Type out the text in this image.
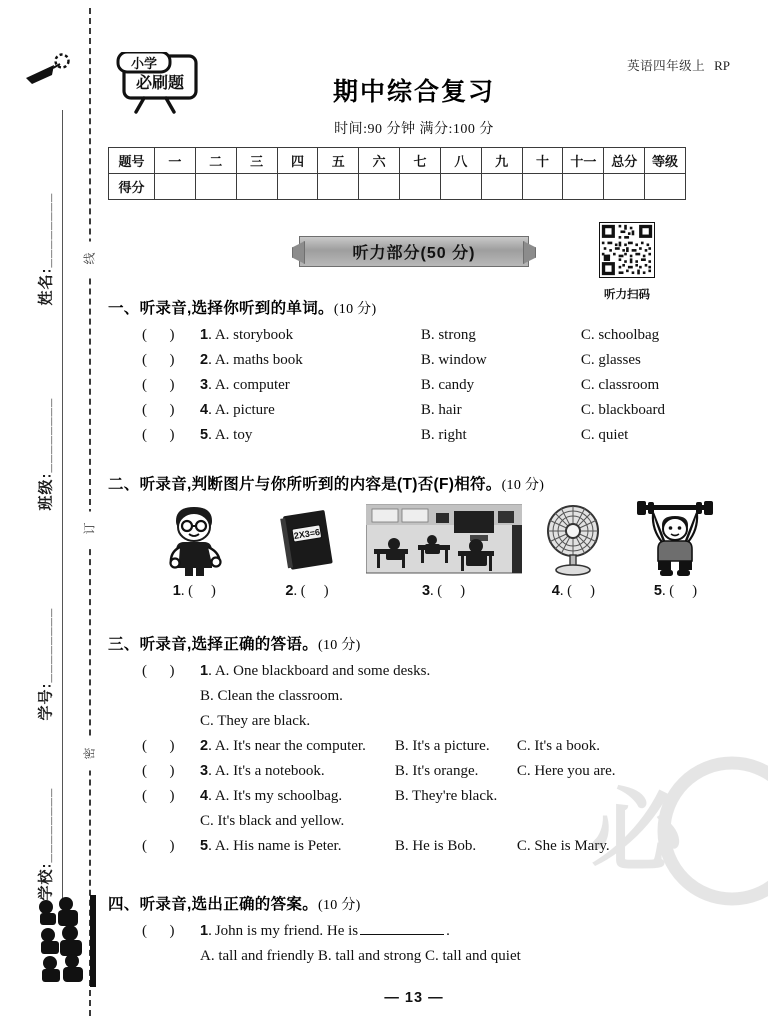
姓名:________ 线
班级:________
订
学号:________
密
学校:________
英语四年级上 RP
小学
必刷题	期中综合复习
时间:90 分钟 满分:100 分
题号	一	二	三	四	五	六	七	八	九	十	十一	总分	等级
得分													
听力部分(50 分)
听力扫码
一、听录音,选择你听到的单词。(10 分)
(      )	1 . A. storybook	B. strong	C. schoolbag
(      )	2 . A. maths book	B. window	C. glasses
(      )	3 . A. computer	B. candy	C. classroom
(      )	4 . A. picture	B. hair	C. blackboard
(      )	5 . A. toy	B. right	C. quiet
二、听录音,判断图片与你所听到的内容是(T)否(F)相符。(10 分)
1. (     )
2X3=6
2. (     )	3. (     )	4. (     )	5. (     )
三、听录音,选择正确的答语。(10 分)
(      )	1 . A. One blackboard and some desks.
B. Clean the classroom.
C. They are black.
(      )	2 . A. It's near the computer.	B. It's a picture.	C. It's a book.
(      )	3 . A. It's a notebook.	B. It's orange.	C. Here you are.
(      )	4 . A. It's my schoolbag.	B. They're black.
C. It's black and yellow.
(      )	5 . A. His name is Peter.	B. He is Bob.	C. She is Mary.
四、听录音,选出正确的答案。(10 分)
(      )	1 . John is my friend. He is	.
A. tall and friendly B. tall and strong C. tall and quiet
必
— 13 —
